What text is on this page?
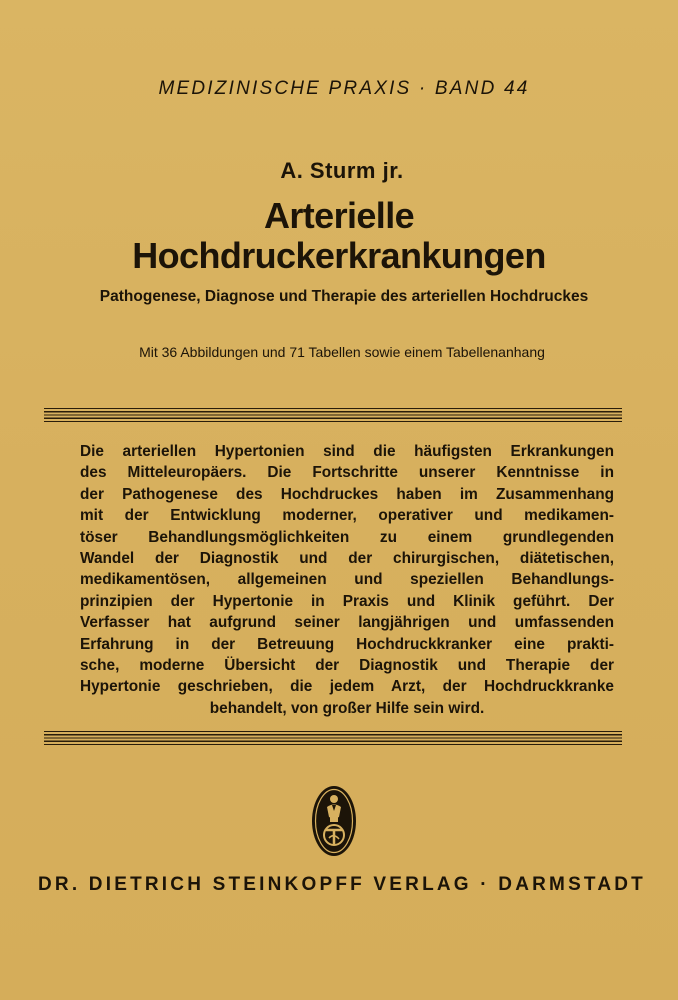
MEDIZINISCHE PRAXIS · BAND 44
A. Sturm jr.
Arterielle
Hochdruckerkrankungen
Pathogenese, Diagnose und Therapie des arteriellen Hochdruckes
Mit 36 Abbildungen und 71 Tabellen sowie einem Tabellenanhang
Die arteriellen Hypertonien sind die häufigsten Erkrankungen
des Mitteleuropäers. Die Fortschritte unserer Kenntnisse in
der Pathogenese des Hochdruckes haben im Zusammenhang
mit der Entwicklung moderner, operativer und medikamen-
töser Behandlungsmöglichkeiten zu einem grundlegenden
Wandel der Diagnostik und der chirurgischen, diätetischen,
medikamentösen, allgemeinen und speziellen Behandlungs-
prinzipien der Hypertonie in Praxis und Klinik geführt. Der
Verfasser hat aufgrund seiner langjährigen und umfassenden
Erfahrung in der Betreuung Hochdruckkranker eine prakti-
sche, moderne Übersicht der Diagnostik und Therapie der
Hypertonie geschrieben, die jedem Arzt, der Hochdruckkranke
behandelt, von großer Hilfe sein wird.
DR. DIETRICH STEINKOPFF VERLAG · DARMSTADT
